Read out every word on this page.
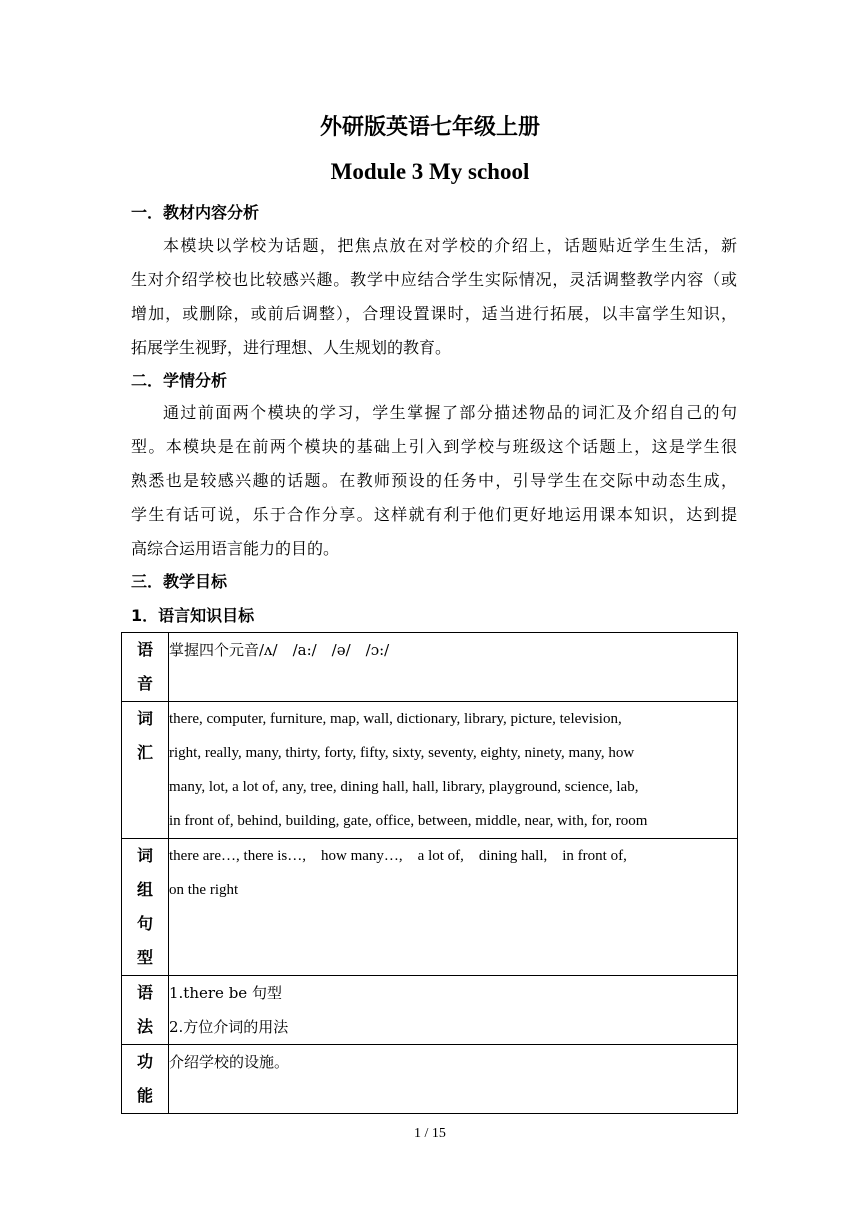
外研版英语七年级上册
Module 3 My school
一．教材内容分析
本模块以学校为话题，把焦点放在对学校的介绍上，话题贴近学生生活，新
生对介绍学校也比较感兴趣。教学中应结合学生实际情况，灵活调整教学内容（或
增加，或删除，或前后调整），合理设置课时，适当进行拓展，以丰富学生知识，
拓展学生视野，进行理想、人生规划的教育。
二．学情分析
通过前面两个模块的学习，学生掌握了部分描述物品的词汇及介绍自己的句
型。本模块是在前两个模块的基础上引入到学校与班级这个话题上，这是学生很
熟悉也是较感兴趣的话题。在教师预设的任务中，引导学生在交际中动态生成，
学生有话可说，乐于合作分享。这样就有利于他们更好地运用课本知识，达到提
高综合运用语言能力的目的。
三．教学目标
1．语言知识目标
语
音	掌握四个元音/ʌ/　/a:/　/ə/　/ɔ:/

词
汇	there, computer, furniture, map, wall, dictionary, library, picture, television,
right, really, many, thirty, forty, fifty, sixty, seventy, eighty, ninety, many, how
many, lot, a lot of, any, tree, dining hall, hall, library, playground, science, lab,
in front of, behind, building, gate, office, between, middle, near, with, for, room

词
组
句
型	there are…, there is…,　how many…,　a lot of,　dining hall,　in front of,
on the right

语
法	1.there be 句型
2.方位介词的用法

功
能	介绍学校的设施。
1 / 15
